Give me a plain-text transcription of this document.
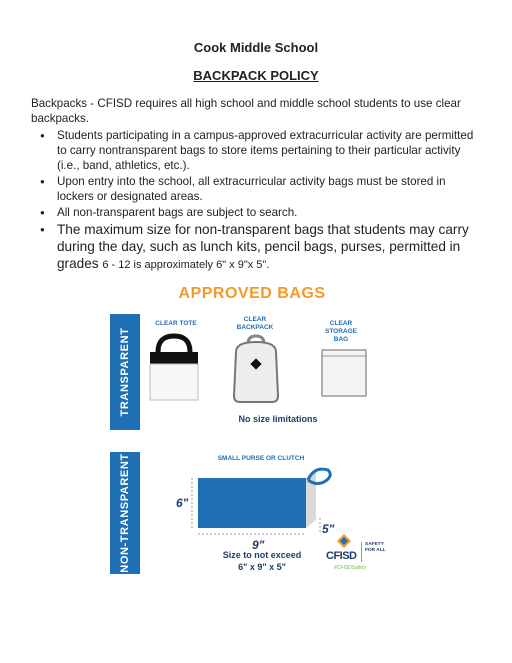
Cook Middle School
BACKPACK POLICY
Backpacks - CFISD requires all high school and middle school students to use clear backpacks.
● Students participating in a campus-approved extracurricular activity are permitted to carry nontransparent bags to store items pertaining to their particular activity (i.e., band, athletics, etc.).
● Upon entry into the school, all extracurricular activity bags must be stored in lockers or designated areas.
● All non-transparent bags are subject to search.
● The maximum size for non-transparent bags that students may carry during the day, such as lunch kits, pencil bags, purses, permitted in grades 6 - 12 is approximately 6" x 9"x 5".
APPROVED BAGS
TRANSPARENT
CLEAR TOTE
CLEAR BACKPACK
CLEAR STORAGE BAG
No size limitations
NON-TRANSPARENT	SMALL PURSE OR CLUTCH
6"
9"
5"
Size to not exceed
6" x 9" x 5"
CFISD
SAFETY FOR ALL
#CFISDSafety
